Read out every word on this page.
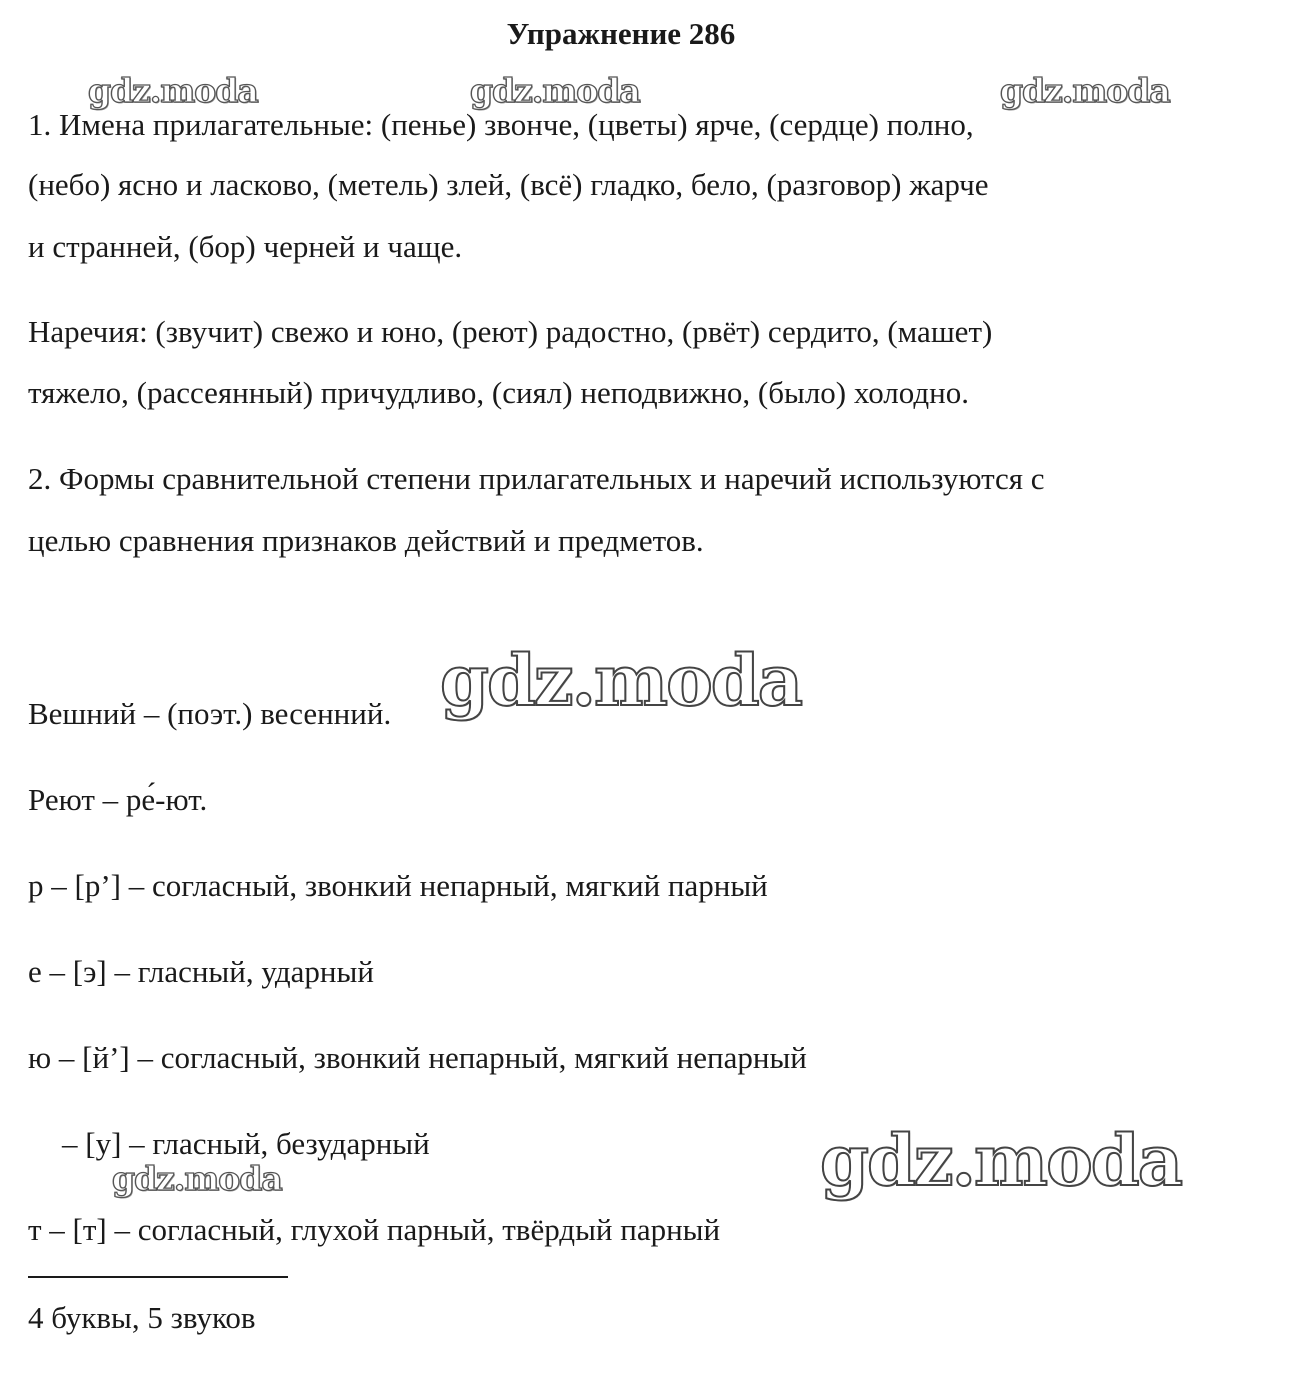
Упражнение 286
gdz.moda	gdz.moda	gdz.moda
gdz.moda
gdz.moda
gdz.moda

1. Имена прилагательные: (пенье) звонче, (цветы) ярче, (сердце) полно,

(небо) ясно и ласково, (метель) злей, (всё) гладко, бело, (разговор) жарче

и странней, (бор) черней и чаще.

Наречия: (звучит) свежо и юно, (реют) радостно, (рвёт) сердито, (машет)

тяжело, (рассеянный) причудливо, (сиял) неподвижно, (было) холодно.

2. Формы сравнительной степени прилагательных и наречий используются с

целью сравнения признаков действий и предметов.

Вешний – (поэт.) весенний.

Реют – ре́-ют.

р – [р’] – согласный, звонкий непарный, мягкий парный

е – [э] – гласный, ударный

ю – [й’] – согласный, звонкий непарный, мягкий непарный

– [у] – гласный, безударный

т – [т] – согласный, глухой парный, твёрдый парный

4 буквы, 5 звуков
